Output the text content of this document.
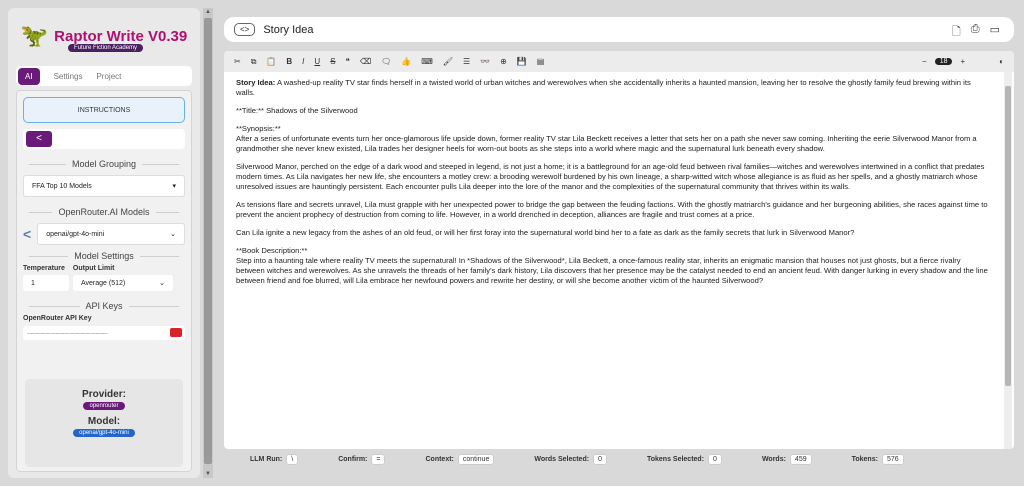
🦖 Raptor Write V0.39
Future Fiction Academy
AI	Settings Project
INSTRUCTIONS
<
Model Grouping
FFA Top 10 Models	▾
OpenRouter.AI Models
< openai/gpt-4o-mini	⌄
Model Settings
Temperature Output Limit
1	Average (512)	⌄
API Keys
OpenRouter API Key
…………………………………………
Provider:
openrouter
Model:
openai/gpt-4o-mini
▲
▼
<>	Story Idea	🗋 ⎙ ▭
✂ ⧉ 📋 B I U S ❝ ⌫ 🗨 👍 ⌨ 🖌 ☰ 👓 ⊕ 💾 ▤	−	18	+	◐

Story Idea: A washed-up reality TV star finds herself in a twisted world of urban witches and werewolves when she accidentally inherits a haunted mansion, leaving her to resolve the ghostly family feud brewing within its walls.

**Title:** Shadows of the Silverwood

**Synopsis:**

After a series of unfortunate events turn her once-glamorous life upside down, former reality TV star Lila Beckett receives a letter that sets her on a path she never saw coming. Inheriting the eerie Silverwood Manor from a grandmother she never knew existed, Lila trades her designer heels for worn-out boots as she steps into a world where magic and the supernatural lurk beneath every shadow.

Silverwood Manor, perched on the edge of a dark wood and steeped in legend, is not just a home; it is a battleground for an age-old feud between rival families—witches and werewolves intertwined in a conflict that predates modern times. As Lila navigates her new life, she encounters a motley crew: a brooding werewolf burdened by his own lineage, a sharp-witted witch whose allegiance is as fluid as her spells, and a ghostly matriarch whose unresolved issues are hauntingly persistent. Each encounter pulls Lila deeper into the lore of the manor and the complexities of the supernatural community that thrives within its walls.

As tensions flare and secrets unravel, Lila must grapple with her unexpected power to bridge the gap between the feuding factions. With the ghostly matriarch's guidance and her burgeoning abilities, she races against time to prevent the ancient prophecy of destruction from coming to life. However, in a world drenched in deception, alliances are fragile and trust comes at a price.

Can Lila ignite a new legacy from the ashes of an old feud, or will her first foray into the supernatural world bind her to a fate as dark as the family secrets that lurk in Silverwood Manor?

**Book Description:**

Step into a haunting tale where reality TV meets the supernatural! In *Shadows of the Silverwood*, Lila Beckett, a once-famous reality star, inherits an enigmatic mansion that houses not just ghosts, but a fierce rivalry between witches and werewolves. As she unravels the threads of her family's dark history, Lila discovers that her presence may be the catalyst needed to end an ancient feud. With danger lurking in every shadow and the line between friend and foe blurred, will Lila embrace her newfound powers and rewrite her destiny, or will she become another victim of the haunted Silverwood?

LLM Run: \	Confirm: =	Context: continue	Words Selected: 0	Tokens Selected: 0	Words: 459	Tokens: 576
